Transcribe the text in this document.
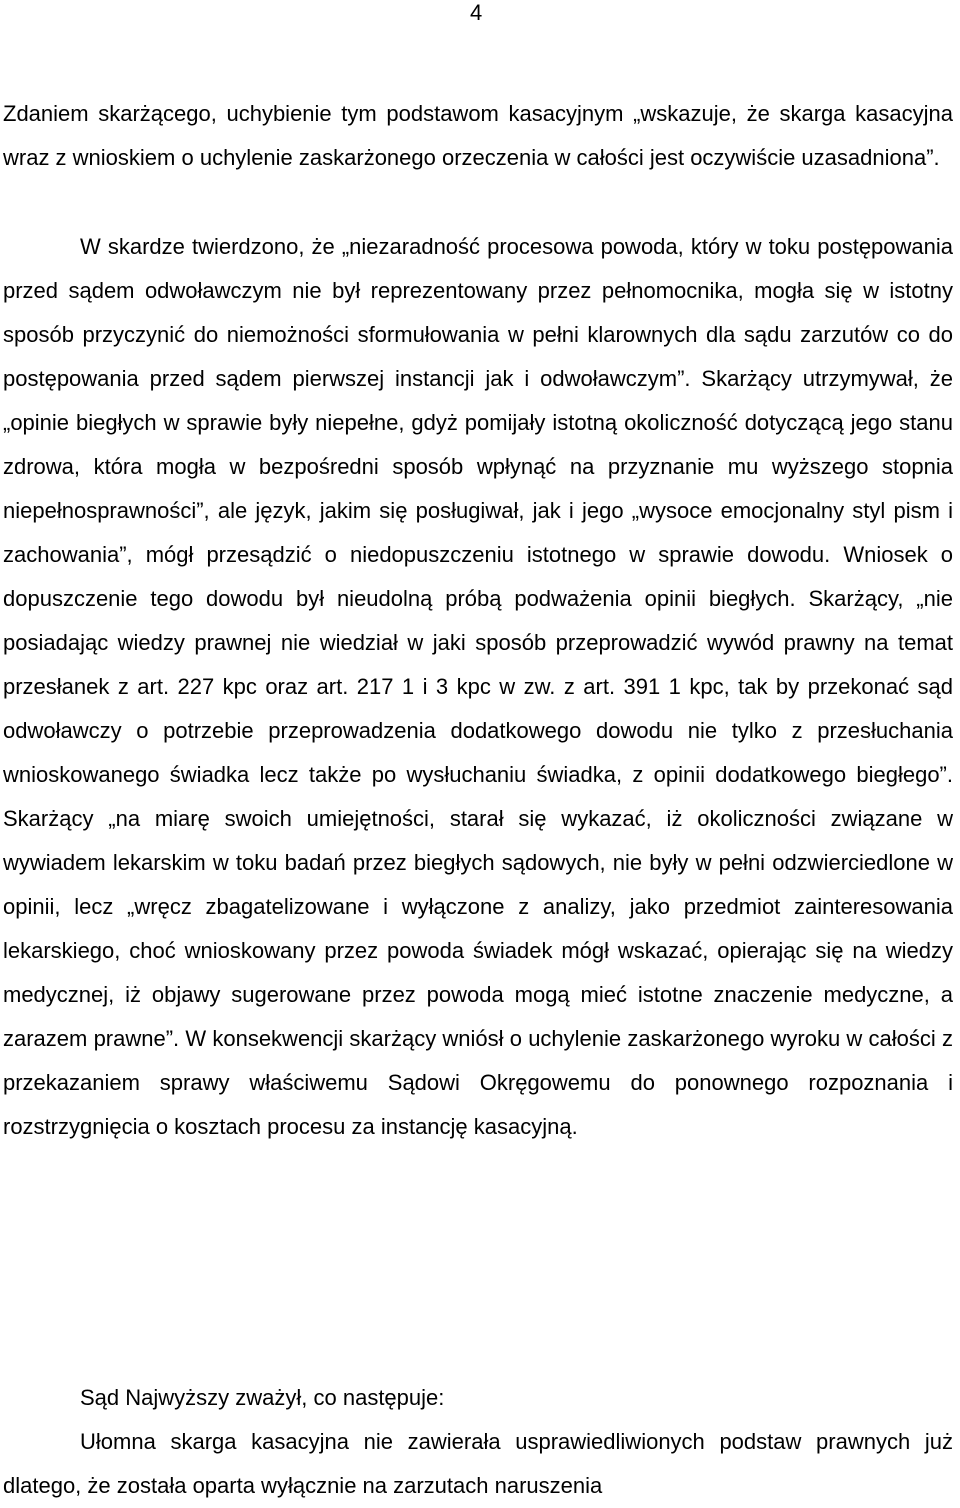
4

Zdaniem skarżącego, uchybienie tym podstawom kasacyjnym „wskazuje, że skarga kasacyjna wraz z wnioskiem o uchylenie zaskarżonego orzeczenia w całości jest oczywiście uzasadniona”.

W skardze twierdzono, że „niezaradność procesowa powoda, który w toku postępowania przed sądem odwoławczym nie był reprezentowany przez pełnomocnika, mogła się w istotny sposób przyczynić do niemożności sformułowania w pełni klarownych dla sądu zarzutów co do postępowania przed sądem pierwszej instancji jak i odwoławczym”. Skarżący utrzymywał, że „opinie biegłych w sprawie były niepełne, gdyż pomijały istotną okoliczność dotyczącą jego stanu zdrowa, która mogła w bezpośredni sposób wpłynąć na przyznanie mu wyższego stopnia niepełnosprawności”, ale język, jakim się posługiwał, jak i jego „wysoce emocjonalny styl pism i zachowania”, mógł przesądzić o niedopuszczeniu istotnego w sprawie dowodu. Wniosek o dopuszczenie tego dowodu był nieudolną próbą podważenia opinii biegłych. Skarżący, „nie posiadając wiedzy prawnej nie wiedział w jaki sposób przeprowadzić wywód prawny na temat przesłanek z art. 227 kpc oraz art. 217 1 i 3 kpc w zw. z art. 391 1 kpc, tak by przekonać sąd odwoławczy o potrzebie przeprowadzenia dodatkowego dowodu nie tylko z przesłuchania wnioskowanego świadka lecz także po wysłuchaniu świadka, z opinii dodatkowego biegłego”. Skarżący „na miarę swoich umiejętności, starał się wykazać, iż okoliczności związane w wywiadem lekarskim w toku badań przez biegłych sądowych, nie były w pełni odzwierciedlone w opinii, lecz „wręcz zbagatelizowane i wyłączone z analizy, jako przedmiot zainteresowania lekarskiego, choć wnioskowany przez powoda świadek mógł wskazać, opierając się na wiedzy medycznej, iż objawy sugerowane przez powoda mogą mieć istotne znaczenie medyczne, a zarazem prawne”. W konsekwencji skarżący wniósł o uchylenie zaskarżonego wyroku w całości z przekazaniem sprawy właściwemu Sądowi Okręgowemu do ponownego rozpoznania i rozstrzygnięcia o kosztach procesu za instancję kasacyjną.

Sąd Najwyższy zważył, co następuje:

Ułomna skarga kasacyjna nie zawierała usprawiedliwionych podstaw prawnych już dlatego, że została oparta wyłącznie na zarzutach naruszenia
